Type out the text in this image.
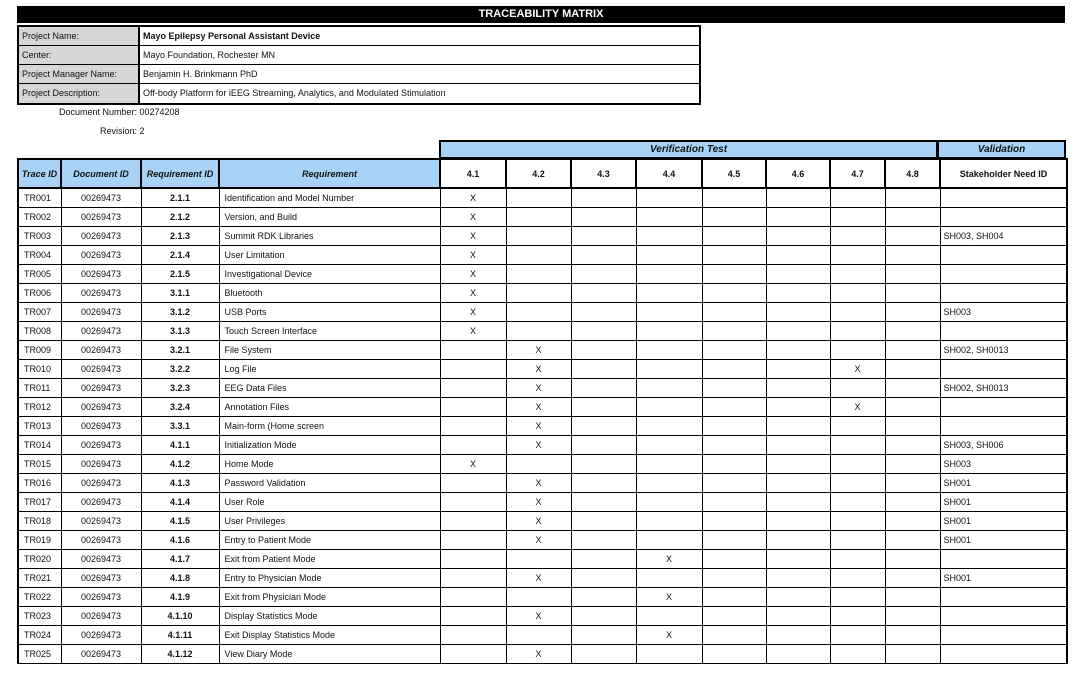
TRACEABILITY MATRIX
Project Name:	Mayo Epilepsy Personal Assistant Device
Center:	Mayo Foundation, Rochester MN
Project Manager Name:	Benjamin H. Brinkmann PhD
Project Description:	Off-body Platform for iEEG Streaming, Analytics, and Modulated Stimulation
Document Number: 00274208
Revision: 2
Verification Test	Validation
Trace ID	Document ID	Requirement ID	Requirement	4.1	4.2	4.3	4.4	4.5	4.6	4.7	4.8	Stakeholder Need ID
TR001	00269473	2.1.1	Identification and Model Number	X								
TR002	00269473	2.1.2	Version, and Build	X								
TR003	00269473	2.1.3	Summit RDK Libraries	X								SH003, SH004
TR004	00269473	2.1.4	User Limitation	X								
TR005	00269473	2.1.5	Investigational Device	X								
TR006	00269473	3.1.1	Bluetooth	X								
TR007	00269473	3.1.2	USB Ports	X								SH003
TR008	00269473	3.1.3	Touch Screen Interface	X								
TR009	00269473	3.2.1	File System		X							SH002, SH0013
TR010	00269473	3.2.2	Log File		X					X		
TR011	00269473	3.2.3	EEG Data Files		X							SH002, SH0013
TR012	00269473	3.2.4	Annotation Files		X					X		
TR013	00269473	3.3.1	Main-form (Home screen		X							
TR014	00269473	4.1.1	Initialization Mode		X							SH003, SH006
TR015	00269473	4.1.2	Home Mode	X								SH003
TR016	00269473	4.1.3	Password Validation		X							SH001
TR017	00269473	4.1.4	User Role		X							SH001
TR018	00269473	4.1.5	User Privileges		X							SH001
TR019	00269473	4.1.6	Entry to Patient Mode		X							SH001
TR020	00269473	4.1.7	Exit from Patient Mode				X					
TR021	00269473	4.1.8	Entry to Physician Mode		X							SH001
TR022	00269473	4.1.9	Exit from Physician Mode				X					
TR023	00269473	4.1.10	Display Statistics Mode		X							
TR024	00269473	4.1.11	Exit Display Statistics Mode				X					
TR025	00269473	4.1.12	View Diary Mode		X							
